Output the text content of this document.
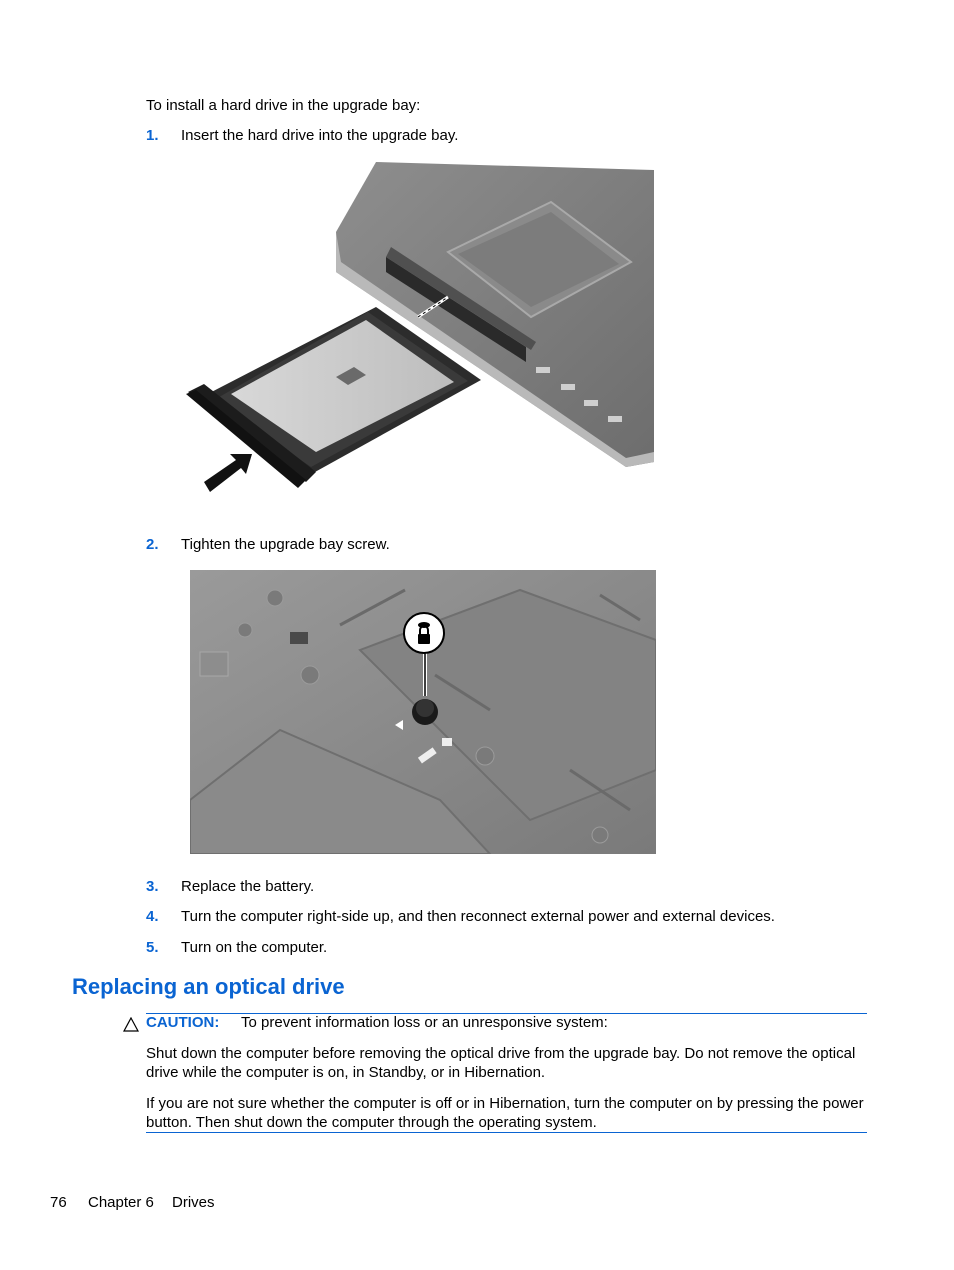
To install a hard drive in the upgrade bay:
1. Insert the hard drive into the upgrade bay.
2. Tighten the upgrade bay screw.
3. Replace the battery.
4. Turn the computer right-side up, and then reconnect external power and external devices.
5. Turn on the computer.
Replacing an optical drive
CAUTION: To prevent information loss or an unresponsive system:
Shut down the computer before removing the optical drive from the upgrade bay. Do not remove the optical drive while the computer is on, in Standby, or in Hibernation.
If you are not sure whether the computer is off or in Hibernation, turn the computer on by pressing the power button. Then shut down the computer through the operating system.
76 Chapter 6 Drives
